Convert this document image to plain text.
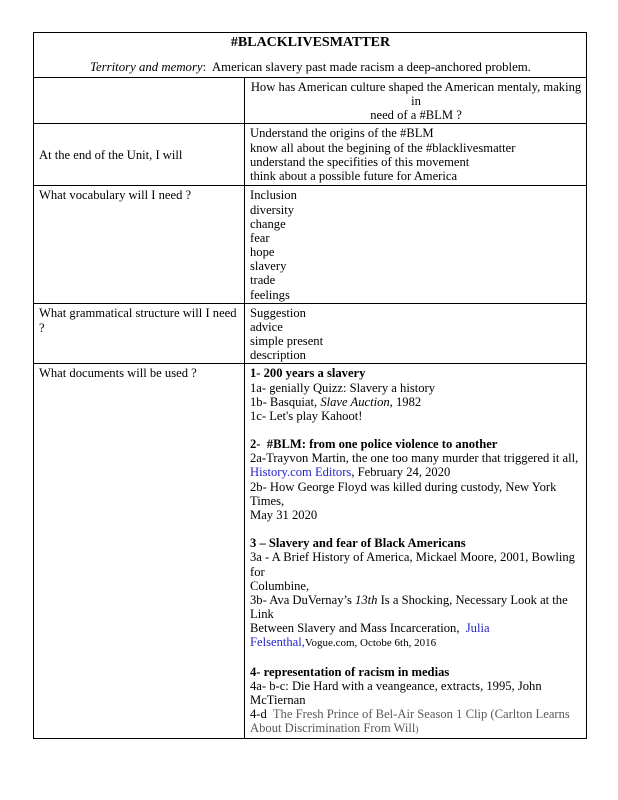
#BLACKLIVESMATTER
Territory and memory:  American slavery past made racism a deep-anchored problem.	

	How has American culture shaped the American mentaly, making in
need of a #BLM ?

At the end of the Unit, I will	Understand the origins of the #BLM
know all about the begining of the #blacklivesmatter
understand the specifities of this movement
think about a possible future for America

What vocabulary will I need ?	Inclusion
diversity
change
fear
hope
slavery
trade
feelings

What grammatical structure will I need ?	Suggestion
advice
simple present
description

What documents will be used ?	1- 200 years a slavery
1a- genially Quizz: Slavery a history
1b- Basquiat, Slave Auction, 1982
1c- Let's play Kahoot!
2-  #BLM: from one police violence to another
2a-Trayvon Martin, the one too many murder that triggered it all,
History.com Editors, February 24, 2020
2b- How George Floyd was killed during custody, New York Times,
May 31 2020
3 – Slavery and fear of Black Americans
3a - A Brief History of America, Mickael Moore, 2001, Bowling for
Columbine,
3b- Ava DuVernay’s 13th Is a Shocking, Necessary Look at the Link
Between Slavery and Mass Incarceration,  Julia
Felsenthal,Vogue.com, Octobe 6th, 2016
4- representation of racism in medias
4a- b-c: Die Hard with a veangeance, extracts, 1995, John
McTiernan
4-d  The Fresh Prince of Bel-Air Season 1 Clip (Carlton Learns
About Discrimination From Will)
